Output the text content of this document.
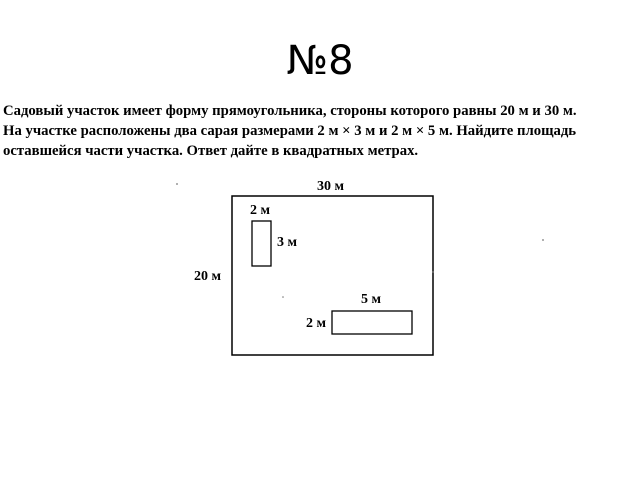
№8

Садовый участок имеет форму прямоугольника, стороны которого равны 20 м и 30 м.
На участке расположены два сарая размерами 2 м × 3 м и 2 м × 5 м. Найдите площадь
оставшейся части участка. Ответ дайте в квадратных метрах.

30 м
20 м
2 м
3 м
5 м
2 м
